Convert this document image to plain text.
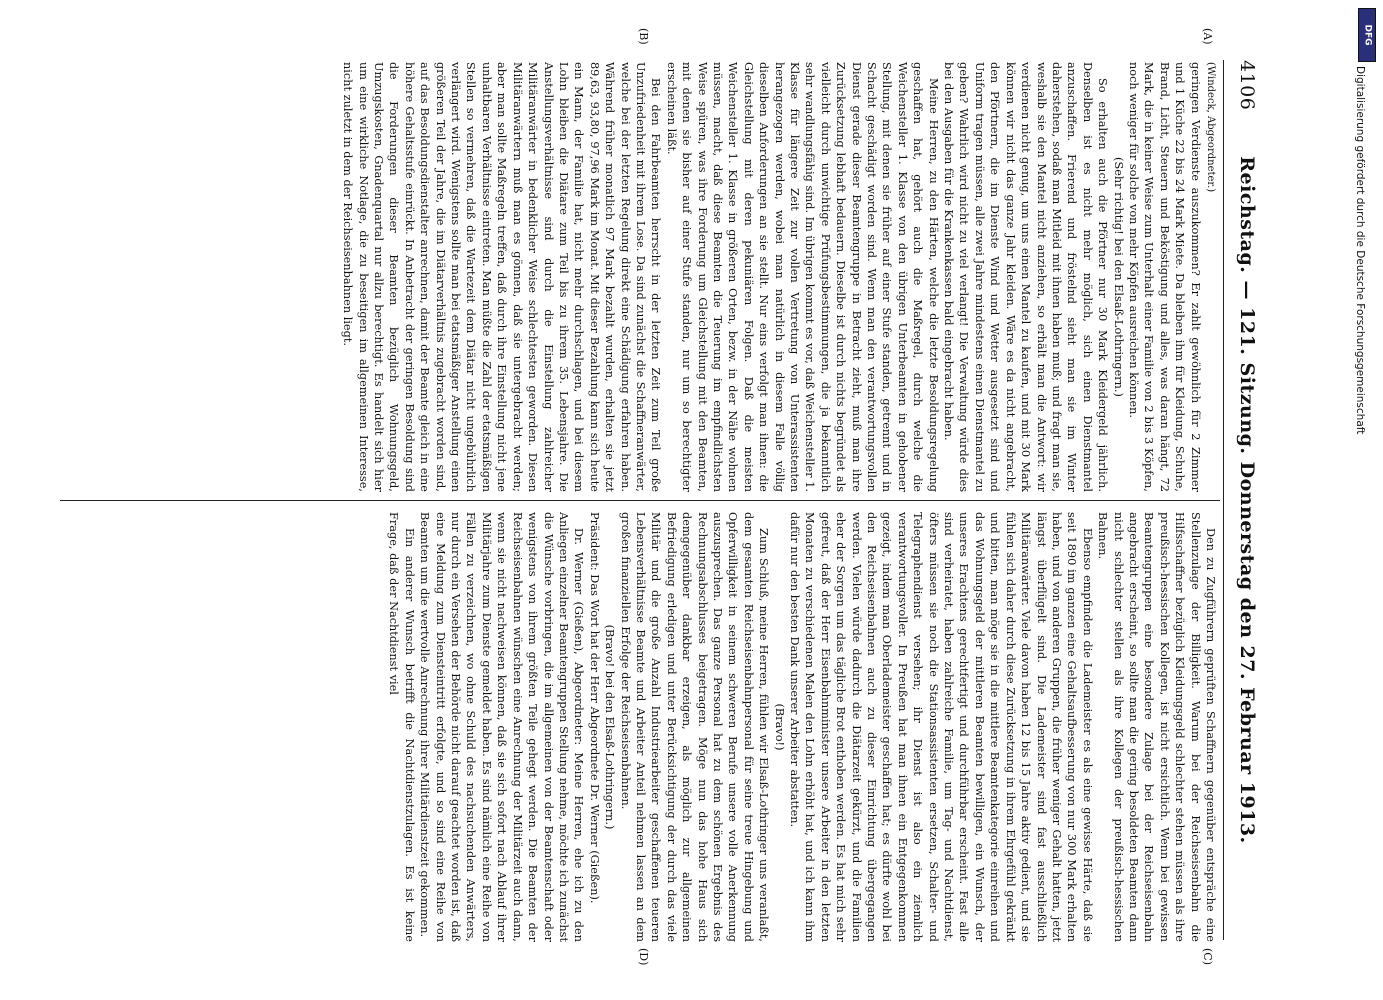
4106
Reichstag. — 121. Sitzung. Donnerstag den 27. Februar 1913.
(A)
(B)
(C)
(D)

(Windeck, Abgeordneter.)

geringen Verdienste auszukommen? Er zahlt gewöhnlich für 2 Zimmer und 1 Küche 22 bis 24 Mark Miete. Da bleiben ihm für Kleidung, Schuhe, Brand, Licht, Steuern und Beköstigung und alles, was daran hängt, 72 Mark, die in keiner Weise zum Unterhalt einer Familie von 2 bis 3 Köpfen, noch weniger für solche von mehr Köpfen ausreichen können.

(Sehr richtig! bei den Elsaß-Lothringern.)

So erhalten auch die Pförtner nur 30 Mark Kleidergeld jährlich. Denselben ist es nicht mehr möglich, sich einen Dienstmantel anzuschaffen. Frierend und fröstelnd sieht man sie im Winter daherstehen, sodaß man Mitleid mit ihnen haben muß; und fragt man sie, weshalb sie den Mantel nicht anziehen, so erhält man die Antwort: wir verdienen nicht genug, um uns einen Mantel zu kaufen, und mit 30 Mark können wir nicht das ganze Jahr kleiden. Wäre es da nicht angebracht, den Pförtnern, die im Dienste Wind und Wetter ausgesetzt sind und Uniform tragen müssen, alle zwei Jahre mindestens einen Dienstmantel zu geben? Wahrlich wird nicht zu viel verlangt! Die Verwaltung würde dies bei den Ausgaben für die Krankenkassen bald eingebracht haben.

Meine Herren, zu den Härten, welche die letzte Besoldungsregelung geschaffen hat, gehört auch die Maßregel, durch welche die Weichensteller 1. Klasse von den übrigen Unterbeamten in gehobener Stellung, mit denen sie früher auf einer Stufe standen, getrennt und in Schacht geschädigt worden sind. Wenn man den verantwortungsvollen Dienst gerade dieser Beamtengruppe in Betracht zieht, muß man ihre Zurücksetzung lebhaft bedauern. Dieselbe ist durch nichts begründet als vielleicht durch unwichtige Prüfungsbestimmungen, die ja bekanntlich sehr wandlungsfähig sind. Im übrigen kommt es vor, daß Weichensteller 1. Klasse für längere Zeit zur vollen Vertretung von Unterassistenten herangezogen werden, wobei man natürlich in diesem Falle völlig dieselben Anforderungen an sie stellt. Nur eins verfolgt man ihnen: die Gleichstellung mit deren pekuniären Folgen. Daß die meisten Weichensteller 1. Klasse in größeren Orten, bezw. in der Nähe wohnen müssen, macht, daß diese Beamten die Teuerung im empfindlichsten Weise spüren, was ihre Forderung um Gleichstellung mit den Beamten, mit denen sie bisher auf einer Stufe standen, nur um so berechtigter erscheinen läßt.

Bei den Fahrbeamten herrscht in der letzten Zeit zum Teil große Unzufriedenheit mit ihrem Lose. Da sind zunächst die Schaffneranwärter, welche bei der letzten Regelung direkt eine Schädigung erfahren haben. Während früher monatlich 97 Mark bezahlt wurden, erhalten sie jetzt 89,63, 93,80, 97,96 Mark im Monat. Mit dieser Bezahlung kann sich heute ein Mann, der Familie hat, nicht mehr durchschlagen, und bei diesem Lohn bleiben die Diätare zum Teil bis zu ihrem 35. Lebensjahre. Die Anstellungsverhältnisse sind durch die Einstellung zahlreicher Militäranwärter in bedenklicher Weise schlechtesten geworden. Diesen Militäranwärtern muß man es gönnen, daß sie untergebracht werden; aber man sollte Maßregeln treffen, daß durch ihre Einstellung nicht jene unhaltbaren Verhältnisse eintreten. Man müßte die Zahl der etatsmäßigen Stellen so vermehren, daß die Wartezeit dem Diätar nicht ungebührlich verlängert wird. Wenigstens sollte man bei etatsmäßiger Anstellung einen größeren Teil der Jahre, die im Diätarverhältnis zugebracht worden sind, auf das Besoldungsdienstalter anrechnen, damit der Beamte gleich in eine höhere Gehaltsstufe einrückt. In Anbetracht der geringen Besoldung sind die Forderungen dieser Beamten bezüglich Wohnungsgeld, Umzugskosten, Gnadenquartal nur allzu berechtigt. Es handelt sich hier um eine wirkliche Notlage, die zu beseitigen im allgemeinen Interesse, nicht zuletzt in dem der Reichseisenbahnen liegt.

Den zu Zugführern geprüften Schaffnern gegenüber entspräche eine Stellenzulage der Billigkeit. Warum bei der Reichseisenbahn die Hilfsschaffner bezüglich Kleidungsgeld schlechter stehen müssen als ihre preußisch-hessischen Kollegen, ist nicht ersichtlich. Wenn bei gewissen Beamtengruppen eine besondere Zulage bei der Reichseisenbahn angebracht erscheint, so sollte man die gering besoldeten Beamten dann nicht schlechter stellen als ihre Kollegen der preußisch-hessischen Bahnen.

Ebenso empfinden die Lademeister es als eine gewisse Härte, daß sie seit 1890 im ganzen eine Gehaltsaufbesserung von nur 300 Mark erhalten haben, und von anderen Gruppen, die früher weniger Gehalt hatten, jetzt längst überflügelt sind. Die Lademeister sind fast ausschließlich Militäranwärter. Viele davon haben 12 bis 15 Jahre aktiv gedient, und sie fühlen sich daher durch diese Zurücksetzung in ihrem Ehrgefühl gekränkt und bitten, man möge sie in die mittlere Beamtenkategorie einreihen und das Wohnungsgeld der mittleren Beamten bewilligen, ein Wunsch, der unseres Erachtens gerechtfertigt und durchführbar erscheint. Fast alle sind verheiratet, haben zahlreiche Familie, um Tag- und Nachtdienst, öfters müssen sie noch die Stationsassistenten ersetzen, Schalter- und Telegraphendienst versehen; ihr Dienst ist also ein ziemlich verantwortungsvoller. In Preußen hat man ihnen ein Entgegenkommen gezeigt, indem man Oberlademeister geschaffen hat; es dürfte wohl bei den Reichseisenbahnen auch zu dieser Einrichtung übergegangen werden. Vielen würde dadurch die Diätarzeit gekürzt, und die Familien eher der Sorgen um das tägliche Brot enthoben werden. Es hat mich sehr gefreut, daß der Herr Eisenbahnminister unsere Arbeiter in den letzten Monaten zu verschiedenen Malen den Lohn erhöht hat, und ich kann ihm dafür nur den besten Dank unserer Arbeiter abstatten.

(Bravo!)

Zum Schluß, meine Herren, fühlen wir Elsaß-Lothringer uns veranlaßt, dem gesamten Reichseisenbahnpersonal für seine treue Hingebung und Opferwilligkeit in seinem schweren Berufe unsere volle Anerkennung auszusprechen. Das ganze Personal hat zu dem schönen Ergebnis des Rechnungsabschlusses beigetragen. Möge nun das hohe Haus sich demgegenüber dankbar erzeigen, als möglich zur allgemeinen Befriedigung erledigen und unter Berücksichtigung der durch das viele Militär und die große Anzahl Industriearbeiter geschaffenen teueren Lebensverhältnisse Beamte und Arbeiter Anteil nehmen lassen an dem großen finanziellen Erfolge der Reichseisenbahnen.

(Bravo! bei den Elsaß-Lothringern.)

Präsident: Das Wort hat der Herr Abgeordnete Dr. Werner (Gießen).

Dr. Werner (Gießen), Abgeordneter: Meine Herren, ehe ich zu den Anliegen einzelner Beamtengruppen Stellung nehme, möchte ich zunächst die Wünsche vorbringen, die im allgemeinen von der Beamtenschaft oder wenigstens von ihrem größten Teile gehegt werden. Die Beamten der Reichseisenbahnen wünschen eine Anrechnung der Militärzeit auch dann, wenn sie nicht nachweisen können, daß sie sich sofort nach Ablauf ihrer Militärjahre zum Dienste gemeldet haben. Es sind nämlich eine Reihe von Fällen zu verzeichnen, wo ohne Schuld des nachsuchenden Anwärters, nur durch ein Versehen der Behörde nicht darauf geachtet worden ist, daß eine Meldung zum Diensteintritt erfolgte, und so sind eine Reihe von Beamten um die wertvolle Anrechnung ihrer Militärdienstzeit gekommen.

Ein anderer Wunsch betrifft die Nachtdienstzulagen. Es ist keine Frage, daß der Nachtdienst viel

DFG
Digitalisierung gefördert durch die Deutsche Forschungsgemeinschaft
